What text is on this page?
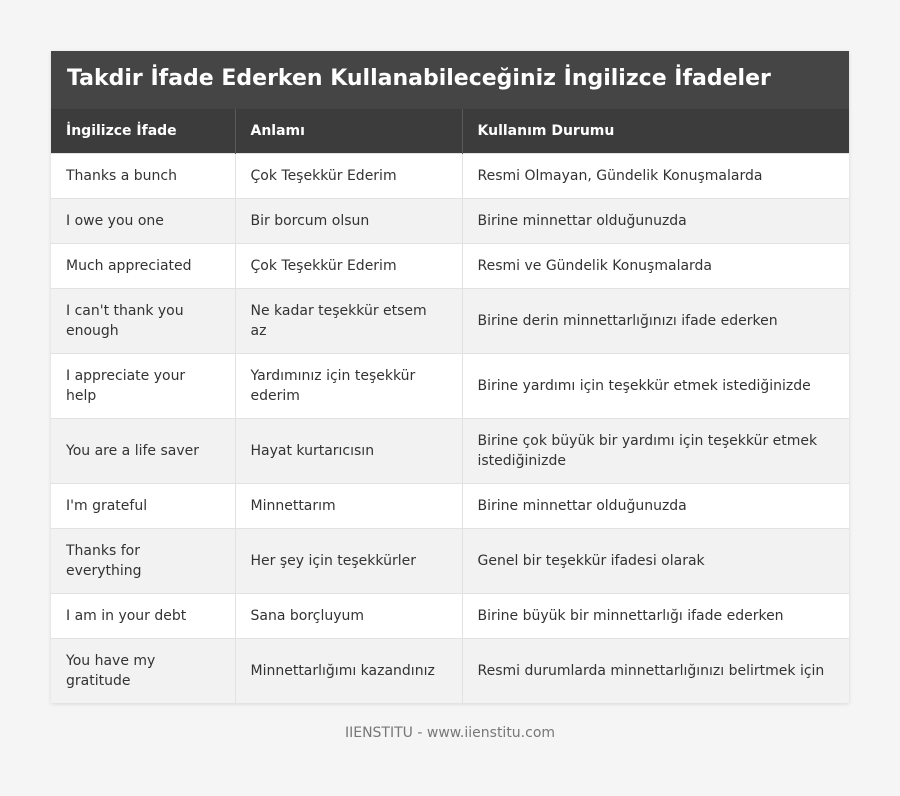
Takdir İfade Ederken Kullanabileceğiniz İngilizce İfadeler
İngilizce İfade	Anlamı	Kullanım Durumu
Thanks a bunch	Çok Teşekkür Ederim	Resmi Olmayan, Gündelik Konuşmalarda
I owe you one	Bir borcum olsun	Birine minnettar olduğunuzda
Much appreciated	Çok Teşekkür Ederim	Resmi ve Gündelik Konuşmalarda
I can't thank you enough	Ne kadar teşekkür etsem az	Birine derin minnettarlığınızı ifade ederken
I appreciate your help	Yardımınız için teşekkür ederim	Birine yardımı için teşekkür etmek istediğinizde
You are a life saver	Hayat kurtarıcısın	Birine çok büyük bir yardımı için teşekkür etmek istediğinizde
I'm grateful	Minnettarım	Birine minnettar olduğunuzda
Thanks for everything	Her şey için teşekkürler	Genel bir teşekkür ifadesi olarak
I am in your debt	Sana borçluyum	Birine büyük bir minnettarlığı ifade ederken
You have my gratitude	Minnettarlığımı kazandınız	Resmi durumlarda minnettarlığınızı belirtmek için
IIENSTITU - www.iienstitu.com
